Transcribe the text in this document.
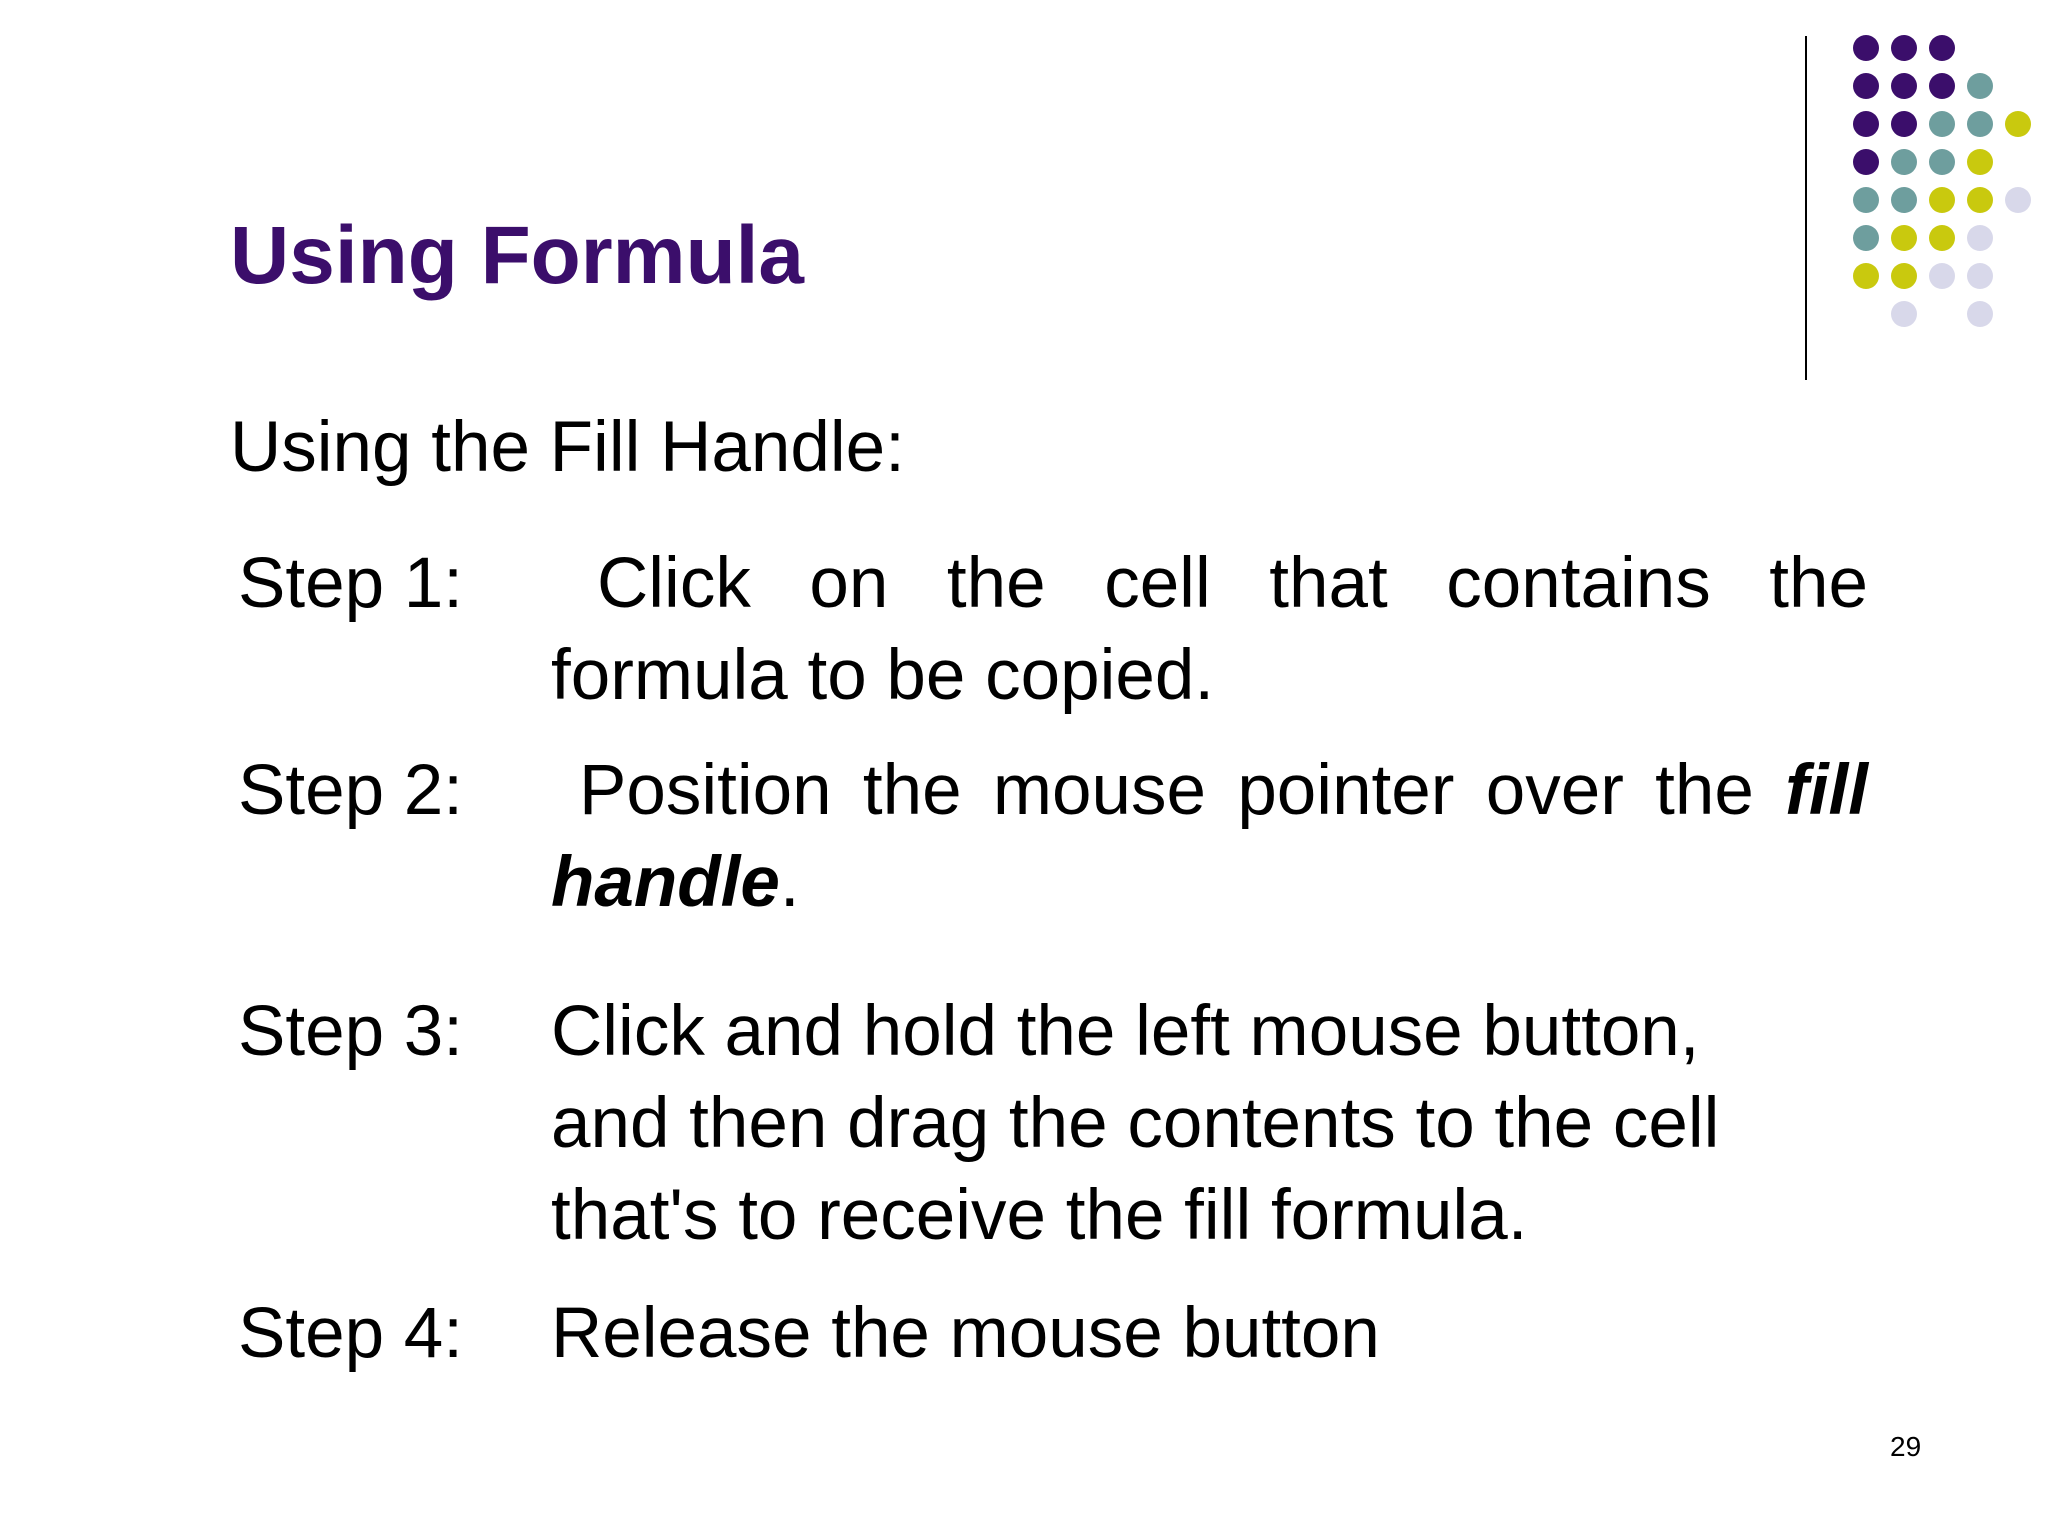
Using Formula
Using the Fill Handle:
Step 1:	Click on the cell that contains the formula to be copied.
Step 2:	Position the mouse pointer over the fill handle.
Step 3: Click and hold the left mouse button,
and then drag the contents to the cell
that's to receive the fill formula.
Step 4: Release the mouse button
29
